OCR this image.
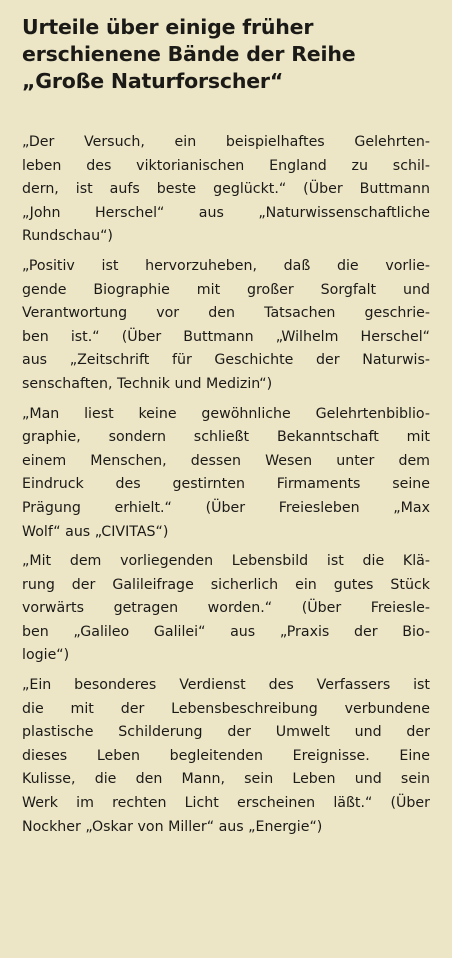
Urteile über einige früher
erschienene Bände der Reihe
„Große Naturforscher“

„Der Versuch, ein beispielhaftes Gelehrten-
leben des viktorianischen England zu schil-
dern, ist aufs beste geglückt.“ (Über Buttmann
„John Herschel“ aus „Naturwissenschaftliche
Rundschau“)

„Positiv ist hervorzuheben, daß die vorlie-
gende Biographie mit großer Sorgfalt und
Verantwortung vor den Tatsachen geschrie-
ben ist.“ (Über Buttmann „Wilhelm Herschel“
aus „Zeitschrift für Geschichte der Naturwis-
senschaften, Technik und Medizin“)

„Man liest keine gewöhnliche Gelehrtenbiblio-
graphie, sondern schließt Bekanntschaft mit
einem Menschen, dessen Wesen unter dem
Eindruck des gestirnten Firmaments seine
Prägung erhielt.“ (Über Freiesleben „Max
Wolf“ aus „CIVITAS“)

„Mit dem vorliegenden Lebensbild ist die Klä-
rung der Galileifrage sicherlich ein gutes Stück
vorwärts getragen worden.“ (Über Freiesle-
ben „Galileo Galilei“ aus „Praxis der Bio-
logie“)

„Ein besonderes Verdienst des Verfassers ist
die mit der Lebensbeschreibung verbundene
plastische Schilderung der Umwelt und der
dieses Leben begleitenden Ereignisse. Eine
Kulisse, die den Mann, sein Leben und sein
Werk im rechten Licht erscheinen läßt.“ (Über
Nockher „Oskar von Miller“ aus „Energie“)
